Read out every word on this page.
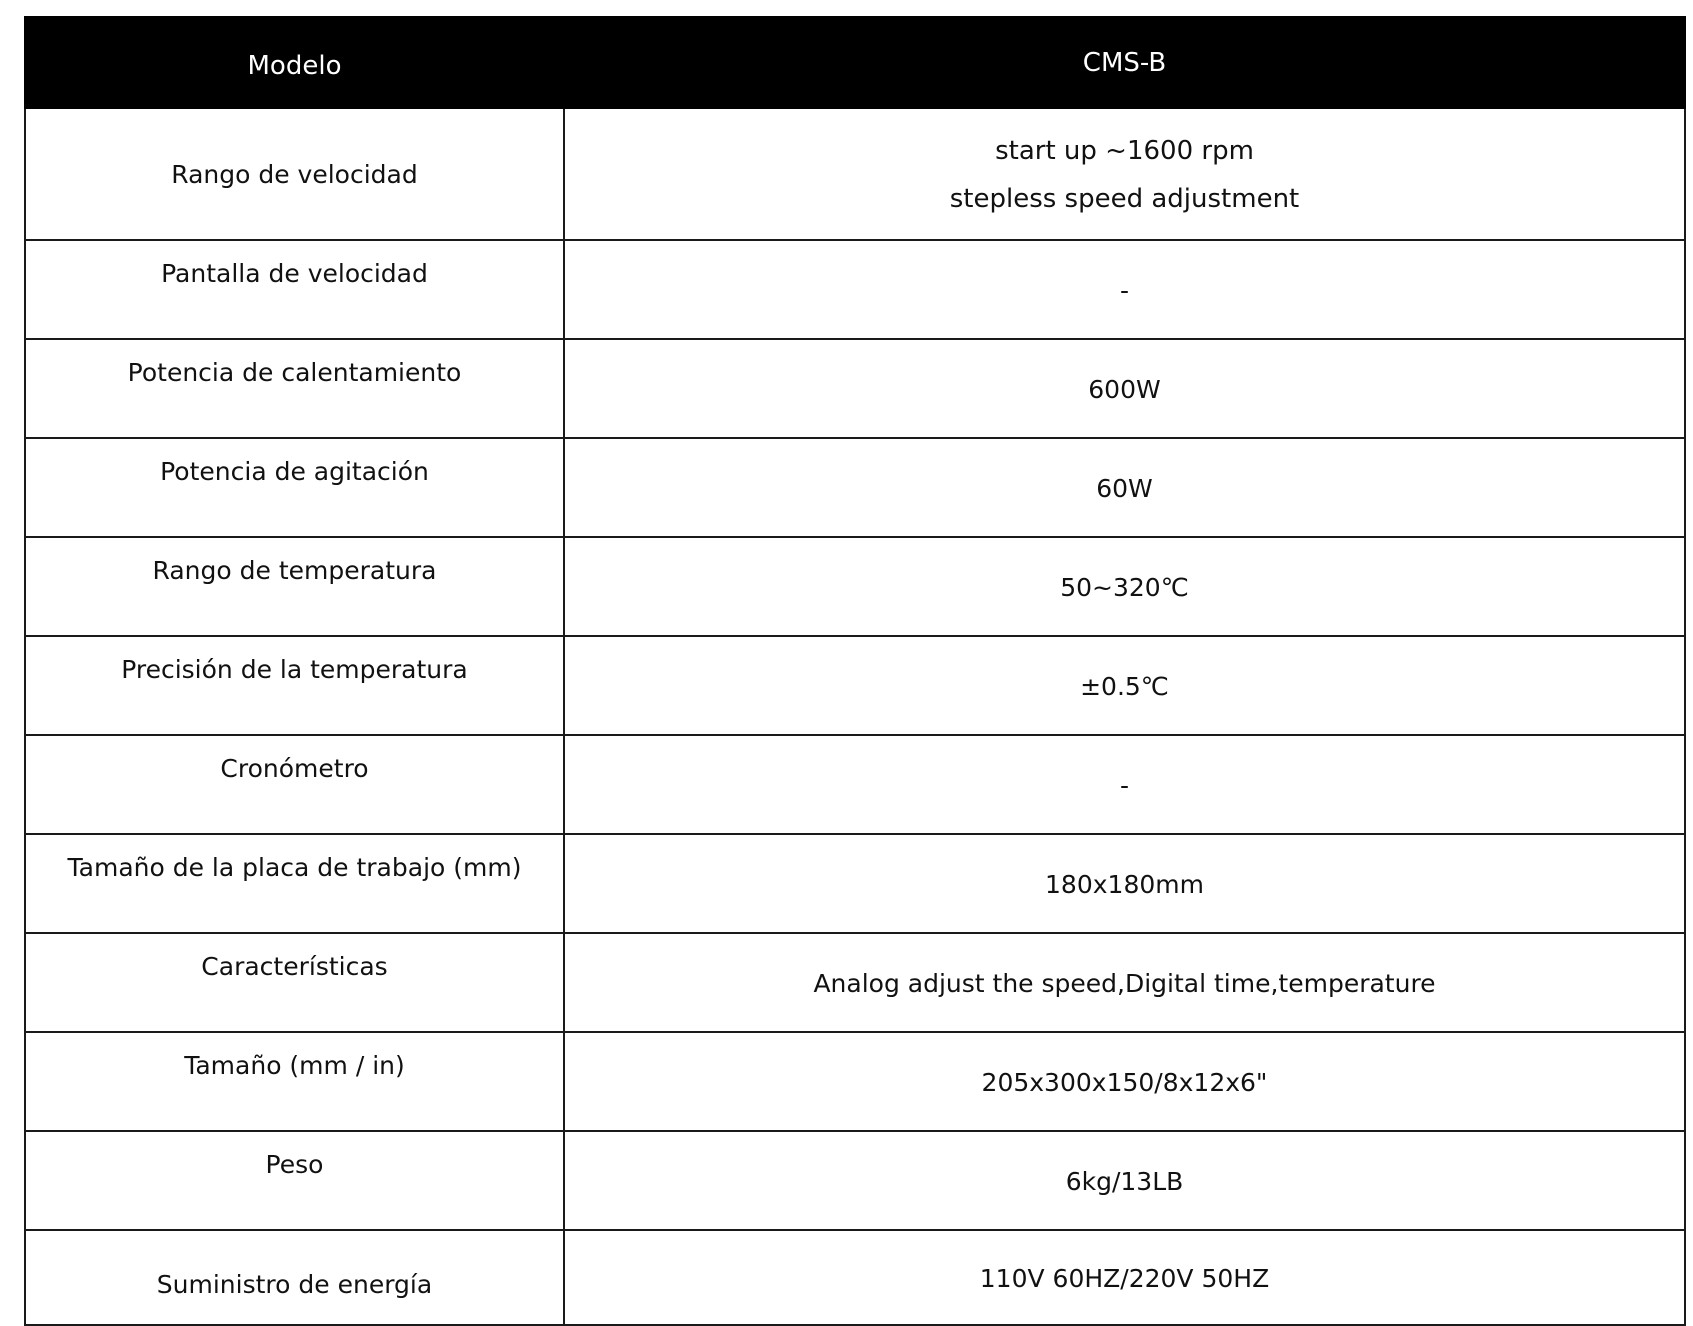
Modelo	CMS-B
Rango de velocidad	start up ~1600 rpm
stepless speed adjustment

Pantalla de velocidad	-
Potencia de calentamiento	600W
Potencia de agitación	60W
Rango de temperatura	50~320℃
Precisión de la temperatura	±0.5℃
Cronómetro	-
Tamaño de la placa de trabajo (mm)	180x180mm
Características	Analog adjust the speed,Digital time,temperature
Tamaño (mm / in)	205x300x150/8x12x6"
Peso	6kg/13LB
Suministro de energía	110V 60HZ/220V 50HZ
